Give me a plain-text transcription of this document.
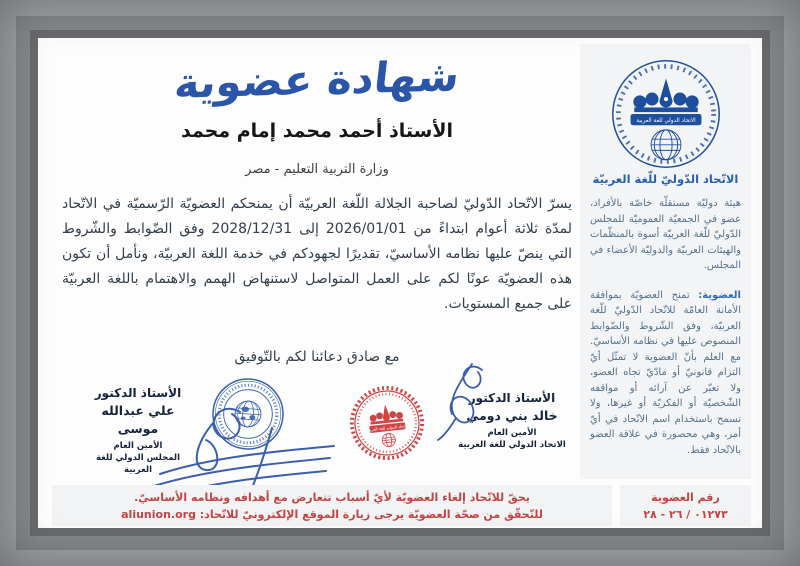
شهادة عضوية
الأستاذ أحمد محمد إمام محمد
وزارة التربية التعليم - مصر
يسرّ الاتّحاد الدّوليّ لصاحبة الجلالة اللّغة العربيّة أن يمنحكم العضويّة الرّسميّة في الاتّحاد لمدّة ثلاثة أعوام ابتداءً من 2026/01/01 إلى 2028/12/31 وفق الضّوابط والشّروط التي ينصّ عليها نظامه الأساسيّ، تقديرًا لجهودكم في خدمة اللغة العربيّة، ونأمل أن تكون هذه العضويّة عونًا لكم على العمل المتواصل لاستنهاض الهمم والاهتمام باللغة العربيّة على جميع المستويات.
مع صادق دعائنا لكم بالتّوفيق
الأستاذ الدكتور
خالد بني دومي
الأمين العام
الاتحاد الدولي للغة العربية
الأستاذ الدكتور
علي عبدالله موسى
الأمين العام
المجلس الدولي للغة العربية
الاتحاد الدولي للغة العربية
الاتحاد الدولي للغة العربية
الاتّحاد الدّوليّ للّغة العربيّة
هيئة دوليّة مستقلّة خاصّة بالأفراد، عضو في الجمعيّة العموميّة للمجلس الدّوليّ للّغة العربيّة أسوة بالمنظّمات والهيئات العربيّة والدوليّة الأعضاء في المجلس.
العضوية: تمنح العضويّة بموافقة الأمانة العامّة للاتّحاد الدّوليّ للّغة العربيّة، وفق الشّروط والضّوابط المنصوص عليها في نظامه الأساسيّ. مع العلم بأنّ العضوية لا تمثّل أيّ التزام قانونيّ أو مادّيّ تجاه العضو، ولا تعبّر عن آرائه أو مواقفه الشّخصيّة أو الفكريّة أو غيرها، ولا تسمح باستخدام اسم الاتّحاد في أيّ أمر، وهي محصورة في علاقة العضو بالاتّحاد فقط.
يحقّ للاتّحاد إلغاء العضويّة لأيّ أسباب تتعارض مع أهدافه ونظامه الأساسيّ.
للتّحقّق من صحّة العضويّة يرجى زيارة الموقع الإلكترونيّ للاتّحاد: aliunion.org
رقم العضوية
٠١٢٧٣ / ٢٦ - ٢٨
